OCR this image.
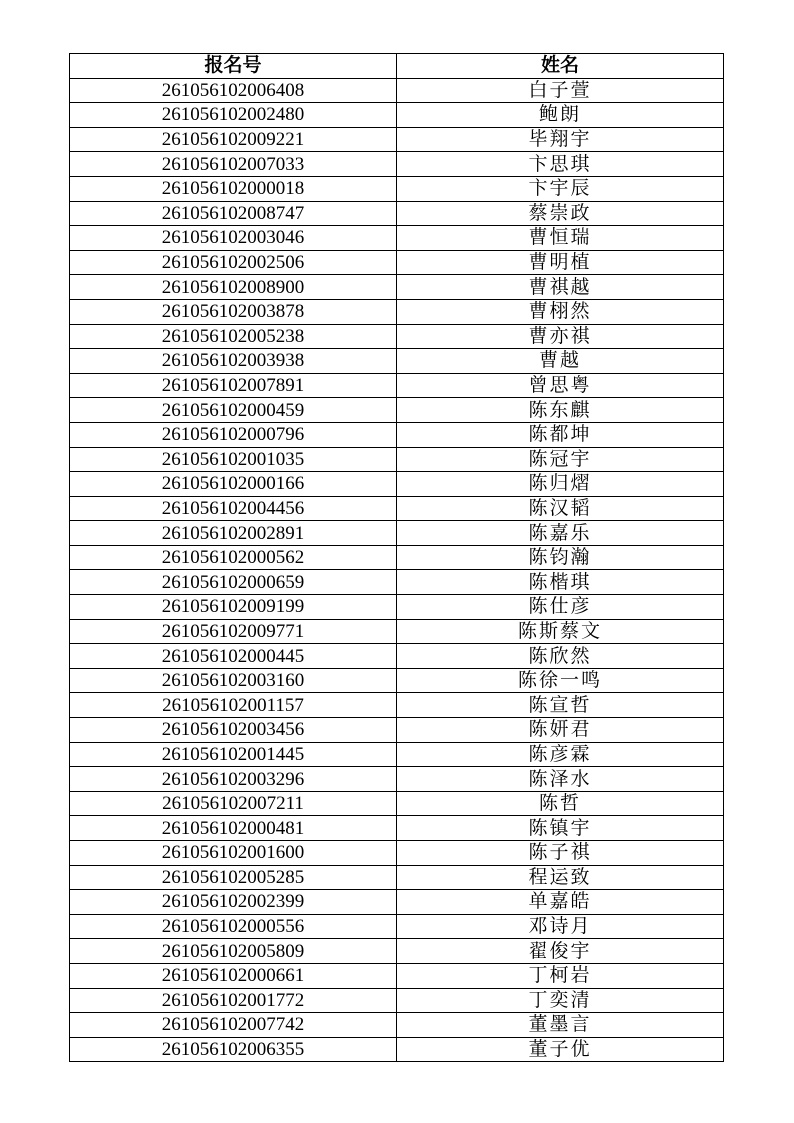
报名号	姓名
261056102006408	白子萱
261056102002480	鲍朗
261056102009221	毕翔宇
261056102007033	卞思琪
261056102000018	卞宇辰
261056102008747	蔡崇政
261056102003046	曹恒瑞
261056102002506	曹明植
261056102008900	曹祺越
261056102003878	曹栩然
261056102005238	曹亦祺
261056102003938	曹越
261056102007891	曾思粤
261056102000459	陈东麒
261056102000796	陈都坤
261056102001035	陈冠宇
261056102000166	陈归熠
261056102004456	陈汉韬
261056102002891	陈嘉乐
261056102000562	陈钧瀚
261056102000659	陈楷琪
261056102009199	陈仕彦
261056102009771	陈斯蔡文
261056102000445	陈欣然
261056102003160	陈徐一鸣
261056102001157	陈宣哲
261056102003456	陈妍君
261056102001445	陈彦霖
261056102003296	陈泽水
261056102007211	陈哲
261056102000481	陈镇宇
261056102001600	陈子祺
261056102005285	程运致
261056102002399	单嘉皓
261056102000556	邓诗月
261056102005809	翟俊宇
261056102000661	丁柯岩
261056102001772	丁奕清
261056102007742	董墨言
261056102006355	董子优
